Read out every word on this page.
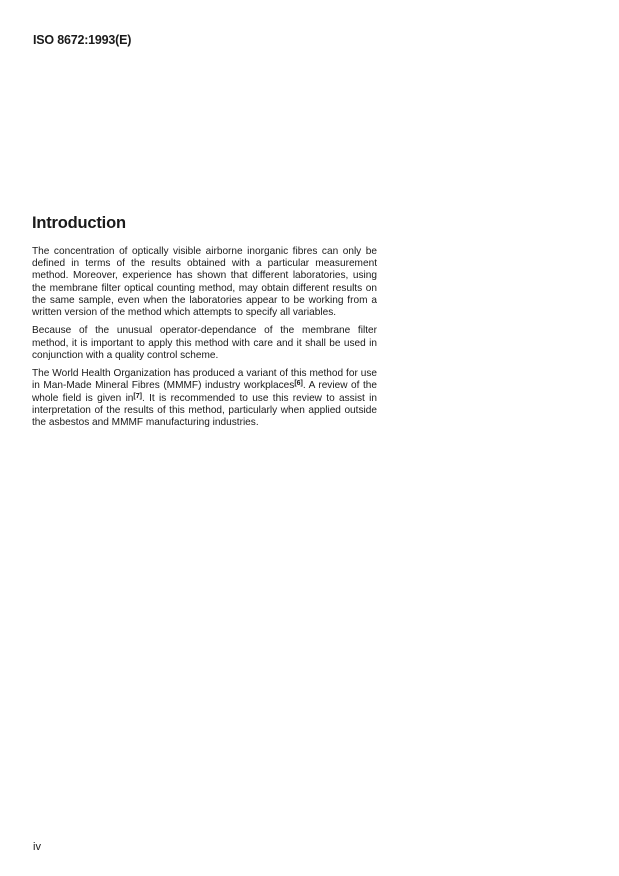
ISO 8672:1993(E)
Introduction

The concentration of optically visible airborne inorganic fibres can only be defined in terms of the results obtained with a particular measurement method. Moreover, experience has shown that different laboratories, using the membrane filter optical counting method, may obtain different results on the same sample, even when the laboratories appear to be working from a written version of the method which attempts to specify all variables.

Because of the unusual operator-dependance of the membrane filter method, it is important to apply this method with care and it shall be used in conjunction with a quality control scheme.

The World Health Organization has produced a variant of this method for use in Man-Made Mineral Fibres (MMMF) industry workplaces[6]. A review of the whole field is given in[7]. It is recommended to use this review to assist in interpretation of the results of this method, particularly when applied outside the asbestos and MMMF manufacturing industries.

iv
